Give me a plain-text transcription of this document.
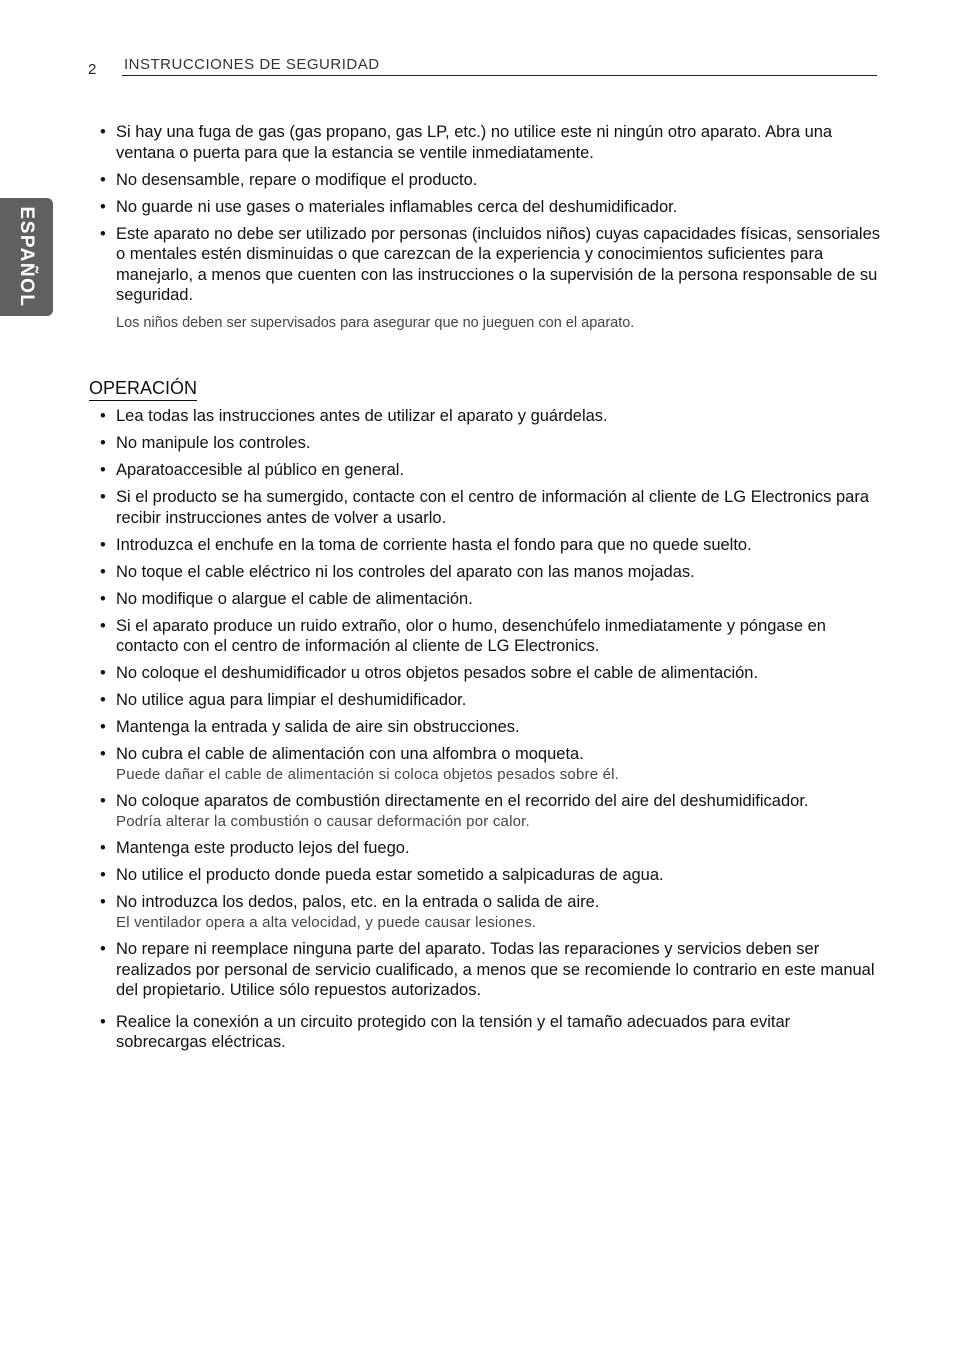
2 INSTRUCCIONES DE SEGURIDAD
ESPAÑOL
• Si hay una fuga de gas (gas propano, gas LP, etc.) no utilice este ni ningún otro aparato. Abra una ventana o puerta para que la estancia se ventile inmediatamente.
• No desensamble, repare o modifique el producto.
• No guarde ni use gases o materiales inflamables cerca del deshumidificador.
• Este aparato no debe ser utilizado por personas (incluidos niños) cuyas capacidades físicas, sensoriales o mentales estén disminuidas o que carezcan de la experiencia y conocimientos suficientes para manejarlo, a menos que cuenten con las instrucciones o la supervisión de la persona responsable de su seguridad.
Los niños deben ser supervisados para asegurar que no jueguen con el aparato.
OPERACIÓN
• Lea todas las instrucciones antes de utilizar el aparato y guárdelas.
• No manipule los controles.
• Aparatoaccesible al público en general.
• Si el producto se ha sumergido, contacte con el centro de información al cliente de LG Electronics para recibir instrucciones antes de volver a usarlo.
• Introduzca el enchufe en la toma de corriente hasta el fondo para que no quede suelto.
• No toque el cable eléctrico ni los controles del aparato con las manos mojadas.
• No modifique o alargue el cable de alimentación.
• Si el aparato produce un ruido extraño, olor o humo, desenchúfelo inmediatamente y póngase en contacto con el centro de información al cliente de LG Electronics.
• No coloque el deshumidificador u otros objetos pesados sobre el cable de alimentación.
• No utilice agua para limpiar el deshumidificador.
• Mantenga la entrada y salida de aire sin obstrucciones.
• No cubra el cable de alimentación con una alfombra o moqueta.
Puede dañar el cable de alimentación si coloca objetos pesados sobre él.
• No coloque aparatos de combustión directamente en el recorrido del aire del deshumidificador.
Podría alterar la combustión o causar deformación por calor.
• Mantenga este producto lejos del fuego.
• No utilice el producto donde pueda estar sometido a salpicaduras de agua.
• No introduzca los dedos, palos, etc. en la entrada o salida de aire.
El ventilador opera a alta velocidad, y puede causar lesiones.
• No repare ni reemplace ninguna parte del aparato. Todas las reparaciones y servicios deben ser realizados por personal de servicio cualificado, a menos que se recomiende lo contrario en este manual del propietario. Utilice sólo repuestos autorizados.
• Realice la conexión a un circuito protegido con la tensión y el tamaño adecuados para evitar sobrecargas eléctricas.
